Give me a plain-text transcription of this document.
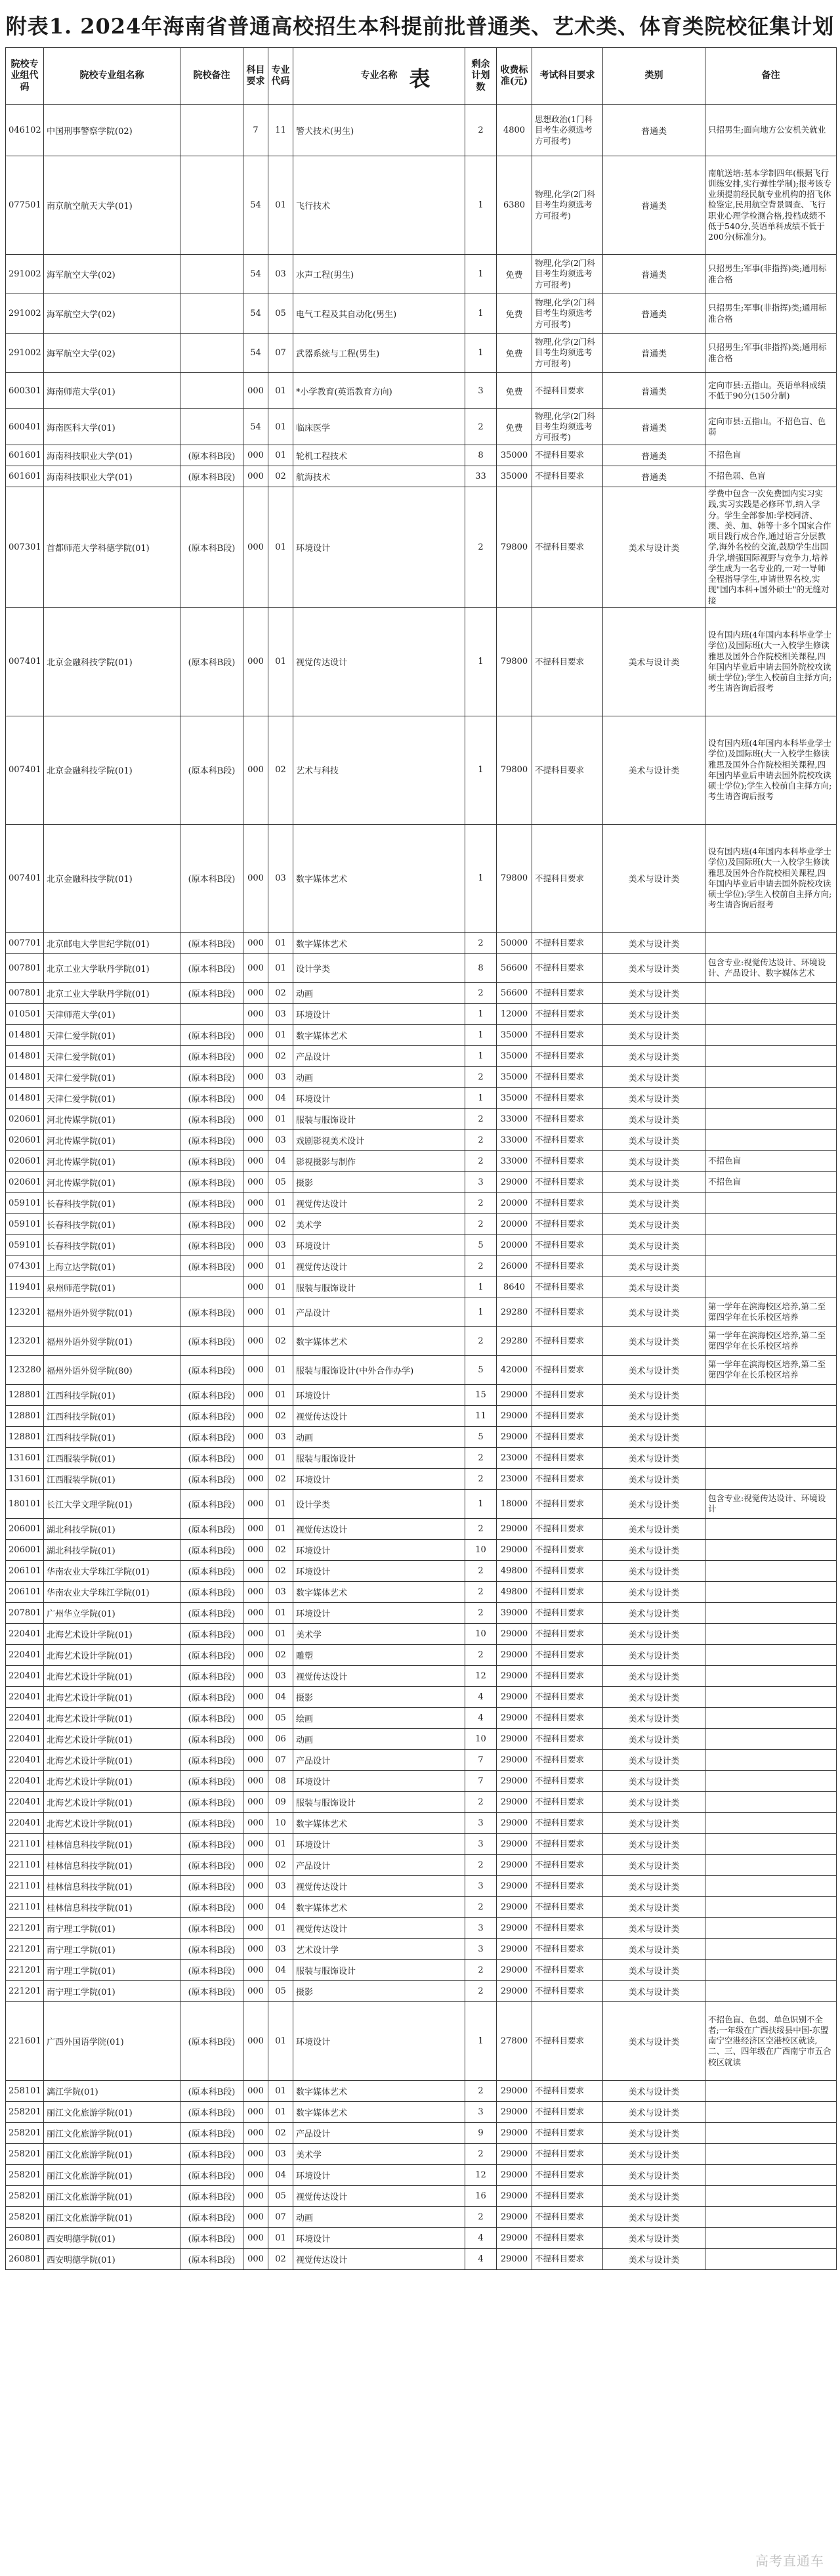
附表1. 2024年海南省普通高校招生本科提前批普通类、艺术类、体育类院校征集计划表
院校专业组代码	院校专业组名称	院校备注	科目要求	专业代码	专业名称	剩余计划数	收费标准(元)	考试科目要求	类别	备注
046102	中国刑事警察学院(02)		7	11	警犬技术(男生)	2	4800	思想政治(1门科目考生必须选考方可报考)	普通类	只招男生;面向地方公安机关就业
077501	南京航空航天大学(01)		54	01	飞行技术	1	6380	物理,化学(2门科目考生均须选考方可报考)	普通类	南航送培:基本学制四年(根据飞行训练安排,实行弹性学制);报考该专业须提前经民航专业机构的招飞体检鉴定,民用航空背景调查、飞行职业心理学检测合格,投档成绩不低于540分,英语单科成绩不低于200分(标准分)。
291002	海军航空大学(02)		54	03	水声工程(男生)	1	免费	物理,化学(2门科目考生均须选考方可报考)	普通类	只招男生;军事(非指挥)类;通用标准合格
291002	海军航空大学(02)		54	05	电气工程及其自动化(男生)	1	免费	物理,化学(2门科目考生均须选考方可报考)	普通类	只招男生;军事(非指挥)类;通用标准合格
291002	海军航空大学(02)		54	07	武器系统与工程(男生)	1	免费	物理,化学(2门科目考生均须选考方可报考)	普通类	只招男生;军事(非指挥)类;通用标准合格
600301	海南师范大学(01)		000	01	*小学教育(英语教育方向)	3	免费	不提科目要求	普通类	定向市县:五指山。英语单科成绩不低于90分(150分制)
600401	海南医科大学(01)		54	01	临床医学	2	免费	物理,化学(2门科目考生均须选考方可报考)	普通类	定向市县:五指山。不招色盲、色弱
601601	海南科技职业大学(01)	(原本科B段)	000	01	轮机工程技术	8	35000	不提科目要求	普通类	不招色盲
601601	海南科技职业大学(01)	(原本科B段)	000	02	航海技术	33	35000	不提科目要求	普通类	不招色弱、色盲
007301	首都师范大学科德学院(01)	(原本科B段)	000	01	环境设计	2	79800	不提科目要求	美术与设计类	学费中包含一次免费国内实习实践,实习实践是必修环节,纳入学分。学生全部参加:学校同济、澳、美、加、韩等十多个国家合作项目践行成合作,通过语言分层教学,海外名校的交流,鼓励学生出国升学,增强国际视野与竞争力,培养学生成为一名专业的,一对一导师全程指导学生,申请世界名校,实现"国内本科+国外硕士"的无缝对接
007401	北京金融科技学院(01)	(原本科B段)	000	01	视觉传达设计	1	79800	不提科目要求	美术与设计类	设有国内班(4年国内本科毕业学士学位)及国际班(大一入校学生修读雅思及国外合作院校相关课程,四年国内毕业后申请去国外院校攻读硕士学位);学生入校前自主择方向;考生请咨询后报考
007401	北京金融科技学院(01)	(原本科B段)	000	02	艺术与科技	1	79800	不提科目要求	美术与设计类	设有国内班(4年国内本科毕业学士学位)及国际班(大一入校学生修读雅思及国外合作院校相关课程,四年国内毕业后申请去国外院校攻读硕士学位);学生入校前自主择方向;考生请咨询后报考
007401	北京金融科技学院(01)	(原本科B段)	000	03	数字媒体艺术	1	79800	不提科目要求	美术与设计类	设有国内班(4年国内本科毕业学士学位)及国际班(大一入校学生修读雅思及国外合作院校相关课程,四年国内毕业后申请去国外院校攻读硕士学位);学生入校前自主择方向;考生请咨询后报考
007701	北京邮电大学世纪学院(01)	(原本科B段)	000	01	数字媒体艺术	2	50000	不提科目要求	美术与设计类	
007801	北京工业大学耿丹学院(01)	(原本科B段)	000	01	设计学类	8	56600	不提科目要求	美术与设计类	包含专业:视觉传达设计、环境设计、产品设计、数字媒体艺术
007801	北京工业大学耿丹学院(01)	(原本科B段)	000	02	动画	2	56600	不提科目要求	美术与设计类	
010501	天津师范大学(01)		000	03	环境设计	1	12000	不提科目要求	美术与设计类	
014801	天津仁爱学院(01)	(原本科B段)	000	01	数字媒体艺术	1	35000	不提科目要求	美术与设计类	
014801	天津仁爱学院(01)	(原本科B段)	000	02	产品设计	1	35000	不提科目要求	美术与设计类	
014801	天津仁爱学院(01)	(原本科B段)	000	03	动画	2	35000	不提科目要求	美术与设计类	
014801	天津仁爱学院(01)	(原本科B段)	000	04	环境设计	1	35000	不提科目要求	美术与设计类	
020601	河北传媒学院(01)	(原本科B段)	000	01	服装与服饰设计	2	33000	不提科目要求	美术与设计类	
020601	河北传媒学院(01)	(原本科B段)	000	03	戏剧影视美术设计	2	33000	不提科目要求	美术与设计类	
020601	河北传媒学院(01)	(原本科B段)	000	04	影视摄影与制作	2	33000	不提科目要求	美术与设计类	不招色盲
020601	河北传媒学院(01)	(原本科B段)	000	05	摄影	3	29000	不提科目要求	美术与设计类	不招色盲
059101	长春科技学院(01)	(原本科B段)	000	01	视觉传达设计	2	20000	不提科目要求	美术与设计类	
059101	长春科技学院(01)	(原本科B段)	000	02	美术学	2	20000	不提科目要求	美术与设计类	
059101	长春科技学院(01)	(原本科B段)	000	03	环境设计	5	20000	不提科目要求	美术与设计类	
074301	上海立达学院(01)	(原本科B段)	000	01	视觉传达设计	2	26000	不提科目要求	美术与设计类	
119401	泉州师范学院(01)		000	01	服装与服饰设计	1	8640	不提科目要求	美术与设计类	
123201	福州外语外贸学院(01)	(原本科B段)	000	01	产品设计	1	29280	不提科目要求	美术与设计类	第一学年在滨海校区培养,第二至第四学年在长乐校区培养
123201	福州外语外贸学院(01)	(原本科B段)	000	02	数字媒体艺术	2	29280	不提科目要求	美术与设计类	第一学年在滨海校区培养,第二至第四学年在长乐校区培养
123280	福州外语外贸学院(80)	(原本科B段)	000	01	服装与服饰设计(中外合作办学)	5	42000	不提科目要求	美术与设计类	第一学年在滨海校区培养,第二至第四学年在长乐校区培养
128801	江西科技学院(01)	(原本科B段)	000	01	环境设计	15	29000	不提科目要求	美术与设计类	
128801	江西科技学院(01)	(原本科B段)	000	02	视觉传达设计	11	29000	不提科目要求	美术与设计类	
128801	江西科技学院(01)	(原本科B段)	000	03	动画	5	29000	不提科目要求	美术与设计类	
131601	江西服装学院(01)	(原本科B段)	000	01	服装与服饰设计	2	23000	不提科目要求	美术与设计类	
131601	江西服装学院(01)	(原本科B段)	000	02	环境设计	2	23000	不提科目要求	美术与设计类	
180101	长江大学文理学院(01)	(原本科B段)	000	01	设计学类	1	18000	不提科目要求	美术与设计类	包含专业:视觉传达设计、环境设计
206001	湖北科技学院(01)	(原本科B段)	000	01	视觉传达设计	2	29000	不提科目要求	美术与设计类	
206001	湖北科技学院(01)	(原本科B段)	000	02	环境设计	10	29000	不提科目要求	美术与设计类	
206101	华南农业大学珠江学院(01)	(原本科B段)	000	02	环境设计	2	49800	不提科目要求	美术与设计类	
206101	华南农业大学珠江学院(01)	(原本科B段)	000	03	数字媒体艺术	2	49800	不提科目要求	美术与设计类	
207801	广州华立学院(01)	(原本科B段)	000	01	环境设计	2	39000	不提科目要求	美术与设计类	
220401	北海艺术设计学院(01)	(原本科B段)	000	01	美术学	10	29000	不提科目要求	美术与设计类	
220401	北海艺术设计学院(01)	(原本科B段)	000	02	雕塑	2	29000	不提科目要求	美术与设计类	
220401	北海艺术设计学院(01)	(原本科B段)	000	03	视觉传达设计	12	29000	不提科目要求	美术与设计类	
220401	北海艺术设计学院(01)	(原本科B段)	000	04	摄影	4	29000	不提科目要求	美术与设计类	
220401	北海艺术设计学院(01)	(原本科B段)	000	05	绘画	4	29000	不提科目要求	美术与设计类	
220401	北海艺术设计学院(01)	(原本科B段)	000	06	动画	10	29000	不提科目要求	美术与设计类	
220401	北海艺术设计学院(01)	(原本科B段)	000	07	产品设计	7	29000	不提科目要求	美术与设计类	
220401	北海艺术设计学院(01)	(原本科B段)	000	08	环境设计	7	29000	不提科目要求	美术与设计类	
220401	北海艺术设计学院(01)	(原本科B段)	000	09	服装与服饰设计	2	29000	不提科目要求	美术与设计类	
220401	北海艺术设计学院(01)	(原本科B段)	000	10	数字媒体艺术	3	29000	不提科目要求	美术与设计类	
221101	桂林信息科技学院(01)	(原本科B段)	000	01	环境设计	3	29000	不提科目要求	美术与设计类	
221101	桂林信息科技学院(01)	(原本科B段)	000	02	产品设计	2	29000	不提科目要求	美术与设计类	
221101	桂林信息科技学院(01)	(原本科B段)	000	03	视觉传达设计	3	29000	不提科目要求	美术与设计类	
221101	桂林信息科技学院(01)	(原本科B段)	000	04	数字媒体艺术	2	29000	不提科目要求	美术与设计类	
221201	南宁理工学院(01)	(原本科B段)	000	01	视觉传达设计	3	29000	不提科目要求	美术与设计类	
221201	南宁理工学院(01)	(原本科B段)	000	03	艺术设计学	3	29000	不提科目要求	美术与设计类	
221201	南宁理工学院(01)	(原本科B段)	000	04	服装与服饰设计	2	29000	不提科目要求	美术与设计类	
221201	南宁理工学院(01)	(原本科B段)	000	05	摄影	2	29000	不提科目要求	美术与设计类	
221601	广西外国语学院(01)	(原本科B段)	000	01	环境设计	1	27800	不提科目要求	美术与设计类	不招色盲、色弱、单色识别不全者;一年级在广西扶绥县中国-东盟南宁空港经济区空港校区就读,二、三、四年级在广西南宁市五合校区就读
258101	漓江学院(01)	(原本科B段)	000	01	数字媒体艺术	2	29000	不提科目要求	美术与设计类	
258201	丽江文化旅游学院(01)	(原本科B段)	000	01	数字媒体艺术	3	29000	不提科目要求	美术与设计类	
258201	丽江文化旅游学院(01)	(原本科B段)	000	02	产品设计	9	29000	不提科目要求	美术与设计类	
258201	丽江文化旅游学院(01)	(原本科B段)	000	03	美术学	2	29000	不提科目要求	美术与设计类	
258201	丽江文化旅游学院(01)	(原本科B段)	000	04	环境设计	12	29000	不提科目要求	美术与设计类	
258201	丽江文化旅游学院(01)	(原本科B段)	000	05	视觉传达设计	16	29000	不提科目要求	美术与设计类	
258201	丽江文化旅游学院(01)	(原本科B段)	000	07	动画	2	29000	不提科目要求	美术与设计类	
260801	西安明德学院(01)	(原本科B段)	000	01	环境设计	4	29000	不提科目要求	美术与设计类	
260801	西安明德学院(01)	(原本科B段)	000	02	视觉传达设计	4	29000	不提科目要求	美术与设计类	
高考直通车
